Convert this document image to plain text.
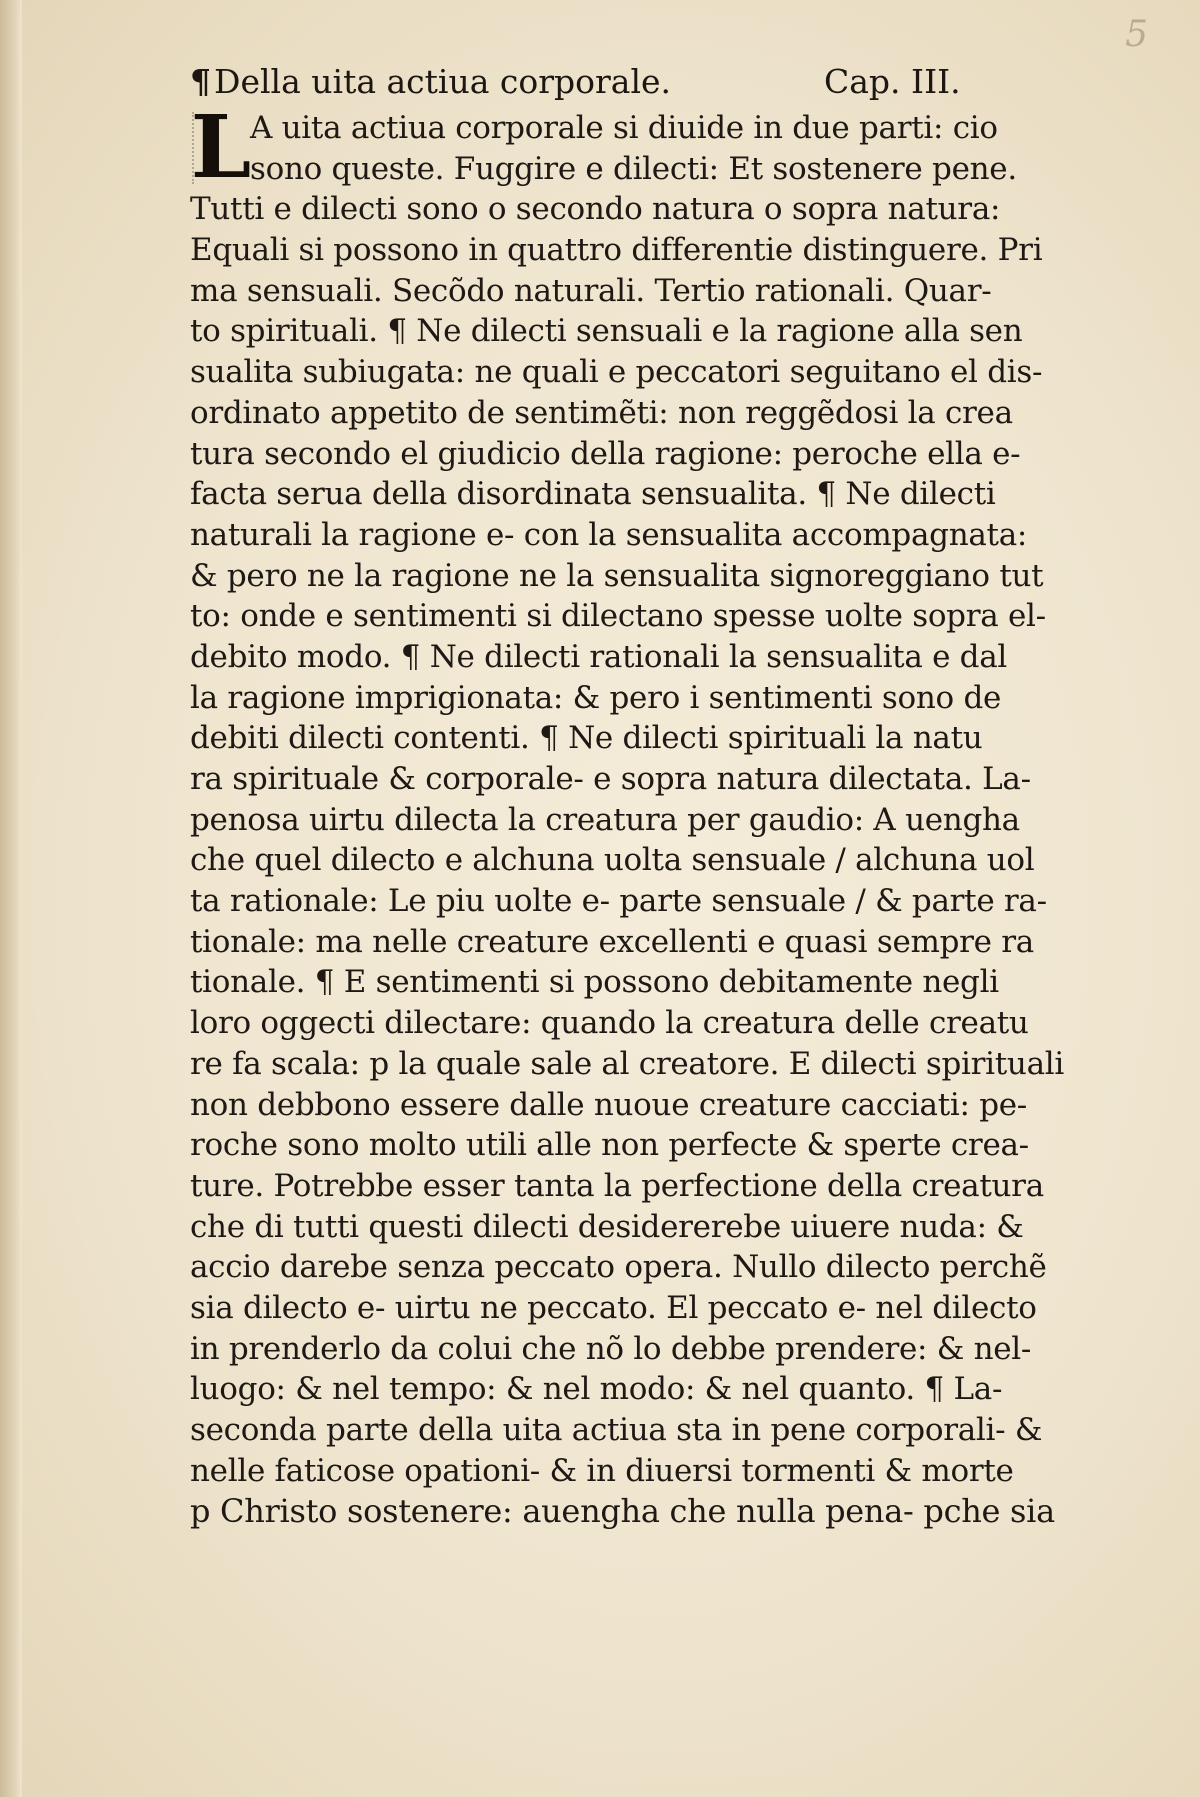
5
¶Della uita actiua corporale.	Cap. III.
L
A uita actiua corporale si diuide in due parti: cio
sono queste. Fuggire e dilecti: Et sostenere pene.
Tutti e dilecti sono o secondo natura o sopra natura:
Equali si possono in quattro differentie distinguere. Pri
ma sensuali. Secõdo naturali. Tertio rationali. Quar-
to spirituali. ¶ Ne dilecti sensuali e la ragione alla sen
sualita subiugata: ne quali e peccatori seguitano el dis-
ordinato appetito de sentimẽti: non reggẽdosi la crea
tura secondo el giudicio della ragione: peroche ella e-
facta serua della disordinata sensualita. ¶ Ne dilecti
naturali la ragione e- con la sensualita accompagnata:
& pero ne la ragione ne la sensualita signoreggiano tut
to: onde e sentimenti si dilectano spesse uolte sopra el-
debito modo. ¶ Ne dilecti rationali la sensualita e dal
la ragione imprigionata: & pero i sentimenti sono de
debiti dilecti contenti. ¶ Ne dilecti spirituali la natu
ra spirituale & corporale- e sopra natura dilectata. La-
penosa uirtu dilecta la creatura per gaudio: A uengha
che quel dilecto e alchuna uolta sensuale / alchuna uol
ta rationale: Le piu uolte e- parte sensuale / & parte ra-
tionale: ma nelle creature excellenti e quasi sempre ra
tionale. ¶ E sentimenti si possono debitamente negli
loro oggecti dilectare: quando la creatura delle creatu
re fa scala: p la quale sale al creatore. E dilecti spirituali
non debbono essere dalle nuoue creature cacciati: pe-
roche sono molto utili alle non perfecte & sperte crea-
ture. Potrebbe esser tanta la perfectione della creatura
che di tutti questi dilecti desidererebe uiuere nuda: &
accio darebe senza peccato opera. Nullo dilecto perchẽ
sia dilecto e- uirtu ne peccato. El peccato e- nel dilecto
in prenderlo da colui che nõ lo debbe prendere: & nel-
luogo: & nel tempo: & nel modo: & nel quanto. ¶ La-
seconda parte della uita actiua sta in pene corporali- &
nelle faticose opationi- & in diuersi tormenti & morte
p Christo sostenere: auengha che nulla pena- pche sia
